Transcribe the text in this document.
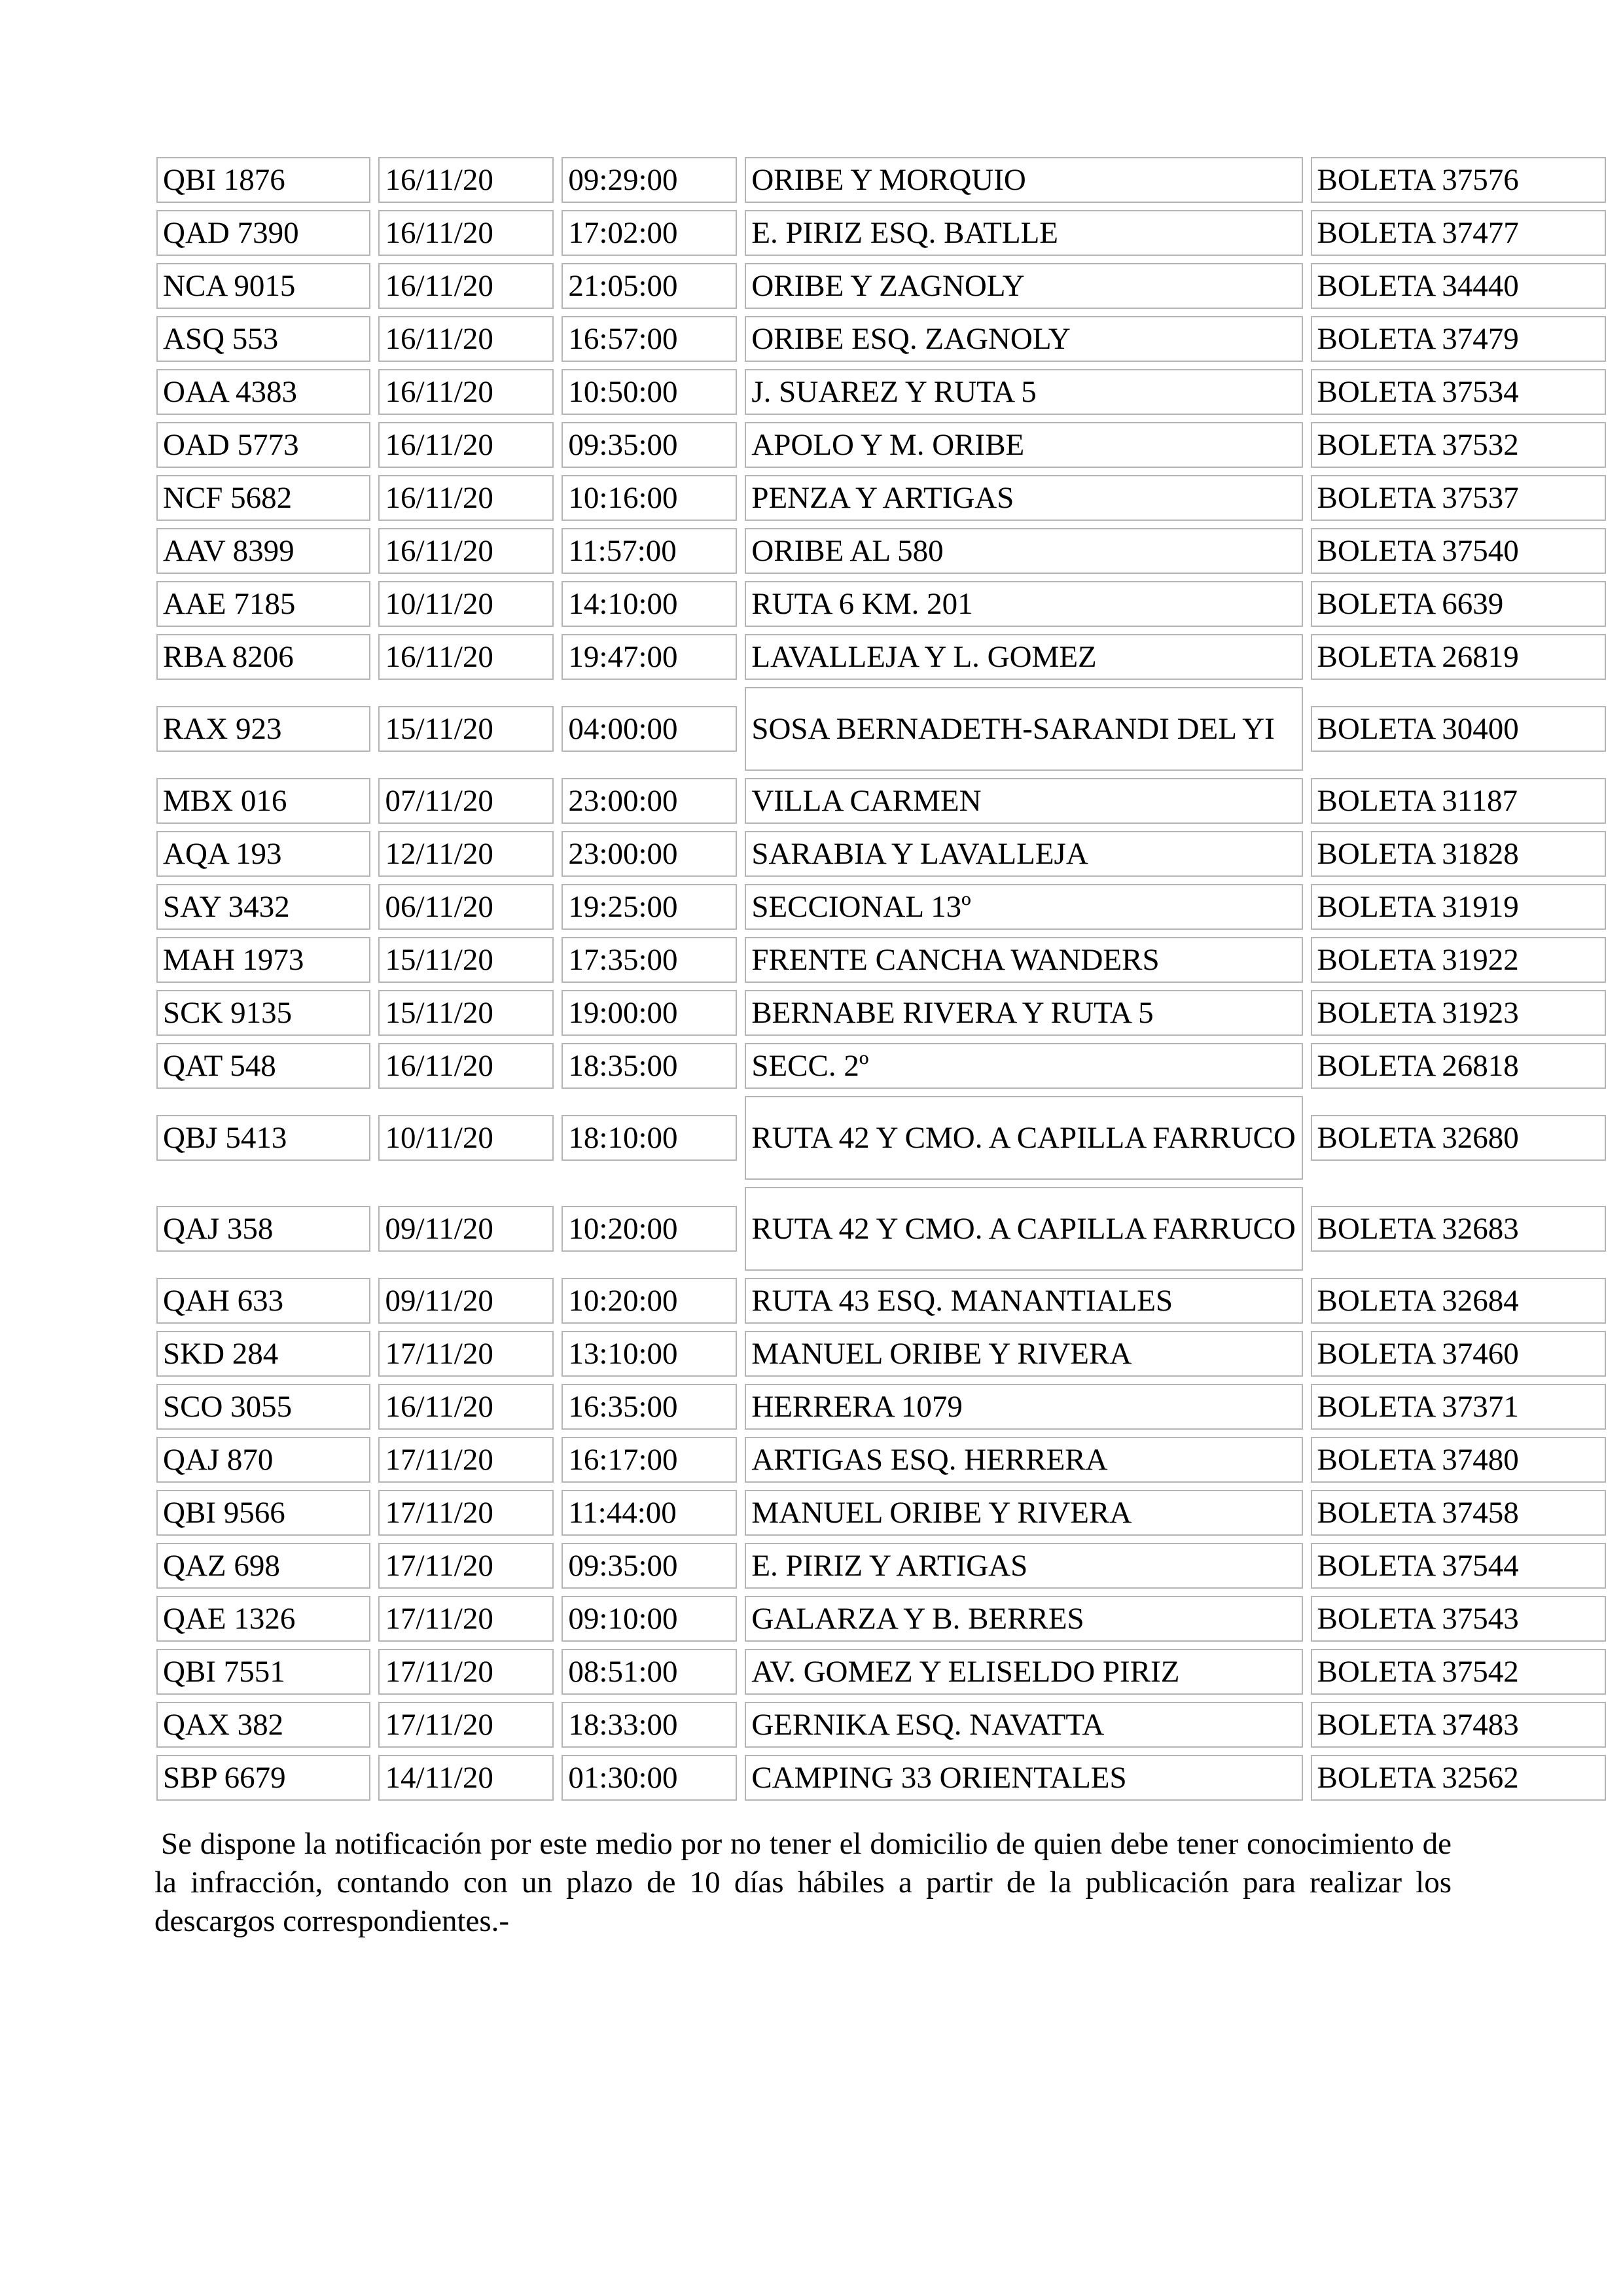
QBI 1876	16/11/20	09:29:00	ORIBE Y MORQUIO	BOLETA 37576
QAD 7390	16/11/20	17:02:00	E. PIRIZ ESQ. BATLLE	BOLETA 37477
NCA 9015	16/11/20	21:05:00	ORIBE Y ZAGNOLY	BOLETA 34440
ASQ 553	16/11/20	16:57:00	ORIBE ESQ. ZAGNOLY	BOLETA 37479
OAA 4383	16/11/20	10:50:00	J. SUAREZ Y RUTA 5	BOLETA 37534
OAD 5773	16/11/20	09:35:00	APOLO Y M. ORIBE	BOLETA 37532
NCF 5682	16/11/20	10:16:00	PENZA Y ARTIGAS	BOLETA 37537
AAV 8399	16/11/20	11:57:00	ORIBE AL 580	BOLETA 37540
AAE 7185	10/11/20	14:10:00	RUTA 6 KM. 201	BOLETA 6639
RBA 8206	16/11/20	19:47:00	LAVALLEJA Y L. GOMEZ	BOLETA 26819
RAX 923	15/11/20	04:00:00	SOSA BERNADETH-SARANDI DEL YI	BOLETA 30400
MBX 016	07/11/20	23:00:00	VILLA CARMEN	BOLETA 31187
AQA 193	12/11/20	23:00:00	SARABIA Y LAVALLEJA	BOLETA 31828
SAY 3432	06/11/20	19:25:00	SECCIONAL 13º	BOLETA 31919
MAH 1973	15/11/20	17:35:00	FRENTE CANCHA WANDERS	BOLETA 31922
SCK 9135	15/11/20	19:00:00	BERNABE RIVERA Y RUTA 5	BOLETA 31923
QAT 548	16/11/20	18:35:00	SECC. 2º	BOLETA 26818
QBJ 5413	10/11/20	18:10:00	RUTA 42 Y CMO. A CAPILLA FARRUCO BOLETA 32680
QAJ 358	09/11/20	10:20:00	RUTA 42 Y CMO. A CAPILLA FARRUCO BOLETA 32683
QAH 633	09/11/20	10:20:00	RUTA 43 ESQ. MANANTIALES	BOLETA 32684
SKD 284	17/11/20	13:10:00	MANUEL ORIBE Y RIVERA	BOLETA 37460
SCO 3055	16/11/20	16:35:00	HERRERA 1079	BOLETA 37371
QAJ 870	17/11/20	16:17:00	ARTIGAS ESQ. HERRERA	BOLETA 37480
QBI 9566	17/11/20	11:44:00	MANUEL ORIBE Y RIVERA	BOLETA 37458
QAZ 698	17/11/20	09:35:00	E. PIRIZ Y ARTIGAS	BOLETA 37544
QAE 1326	17/11/20	09:10:00	GALARZA Y B. BERRES	BOLETA 37543
QBI 7551	17/11/20	08:51:00	AV. GOMEZ Y ELISELDO PIRIZ	BOLETA 37542
QAX 382	17/11/20	18:33:00	GERNIKA ESQ. NAVATTA	BOLETA 37483
SBP 6679	14/11/20	01:30:00	CAMPING 33 ORIENTALES	BOLETA 32562

Se dispone la notificación por este medio por no tener el domicilio de quien debe tener conocimiento de la infracción, contando con un plazo de 10 días hábiles a partir de la publicación para realizar los descargos correspondientes.-
